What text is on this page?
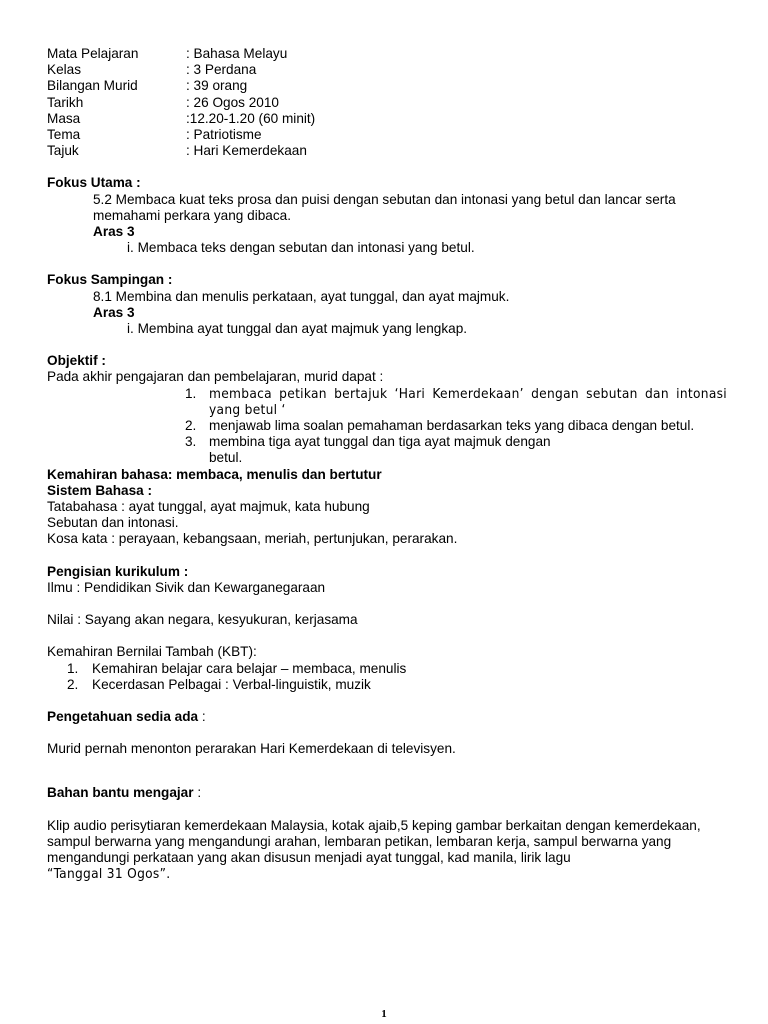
Mata Pelajaran	: Bahasa Melayu
Kelas	: 3 Perdana
Bilangan Murid	: 39 orang
Tarikh	: 26 Ogos 2010
Masa	:12.20-1.20 (60 minit)
Tema	: Patriotisme
Tajuk	: Hari Kemerdekaan
Fokus Utama :
5.2 Membaca kuat teks prosa dan puisi dengan sebutan dan intonasi yang betul dan lancar serta memahami perkara yang dibaca.
Aras 3
i. Membaca teks dengan sebutan dan intonasi yang betul.
Fokus Sampingan :
8.1 Membina dan menulis perkataan, ayat tunggal, dan ayat majmuk.
Aras 3
i. Membina ayat tunggal dan ayat majmuk yang lengkap.
Objektif :
Pada akhir pengajaran dan pembelajaran, murid dapat :
1. membaca petikan bertajuk ‘Hari Kemerdekaan’ dengan sebutan dan intonasi yang betul ‘
2. menjawab lima soalan pemahaman berdasarkan teks yang dibaca dengan betul.
3. membina tiga ayat tunggal dan tiga ayat majmuk dengan
betul.
Kemahiran bahasa: membaca, menulis dan bertutur
Sistem Bahasa :
Tatabahasa : ayat tunggal, ayat majmuk, kata hubung
Sebutan dan intonasi.
Kosa kata : perayaan, kebangsaan, meriah, pertunjukan, perarakan.
Pengisian kurikulum :
Ilmu : Pendidikan Sivik dan Kewarganegaraan
Nilai : Sayang akan negara, kesyukuran, kerjasama
Kemahiran Bernilai Tambah (KBT):
1.	Kemahiran belajar cara belajar – membaca, menulis
2.	Kecerdasan Pelbagai : Verbal-linguistik, muzik
Pengetahuan sedia ada :
Murid pernah menonton perarakan Hari Kemerdekaan di televisyen.
Bahan bantu mengajar :
Klip audio perisytiaran kemerdekaan Malaysia, kotak ajaib,5 keping gambar berkaitan dengan kemerdekaan, sampul berwarna yang mengandungi arahan, lembaran petikan, lembaran kerja, sampul berwarna yang mengandungi perkataan yang akan disusun menjadi ayat tunggal, kad manila, lirik lagu
“Tanggal 31 Ogos”.
1
